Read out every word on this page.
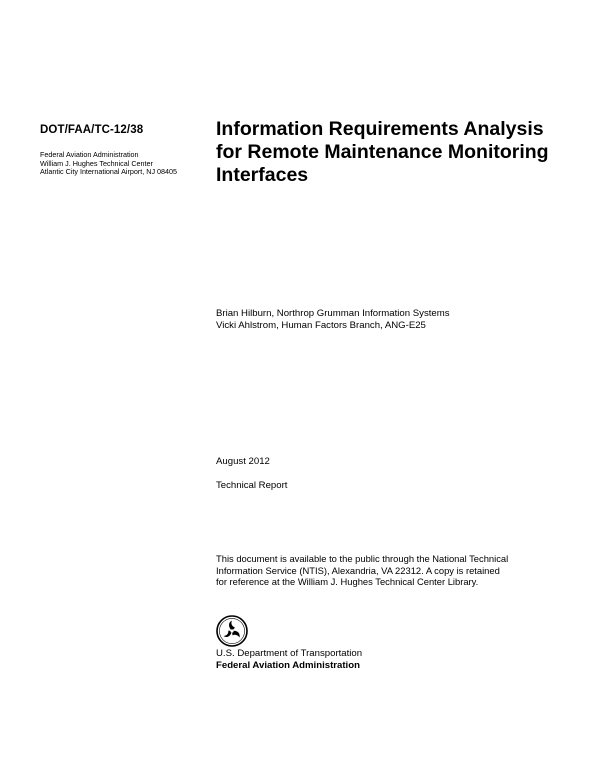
DOT/FAA/TC-12/38
Federal Aviation Administration
William J. Hughes Technical Center
Atlantic City International Airport, NJ 08405
Information Requirements Analysis
for Remote Maintenance Monitoring
Interfaces
Brian Hilburn, Northrop Grumman Information Systems
Vicki Ahlstrom, Human Factors Branch, ANG-E25
August 2012
Technical Report
This document is available to the public through the National Technical
Information Service (NTIS), Alexandria, VA 22312. A copy is retained
for reference at the William J. Hughes Technical Center Library.
U.S. Department of Transportation
Federal Aviation Administration
